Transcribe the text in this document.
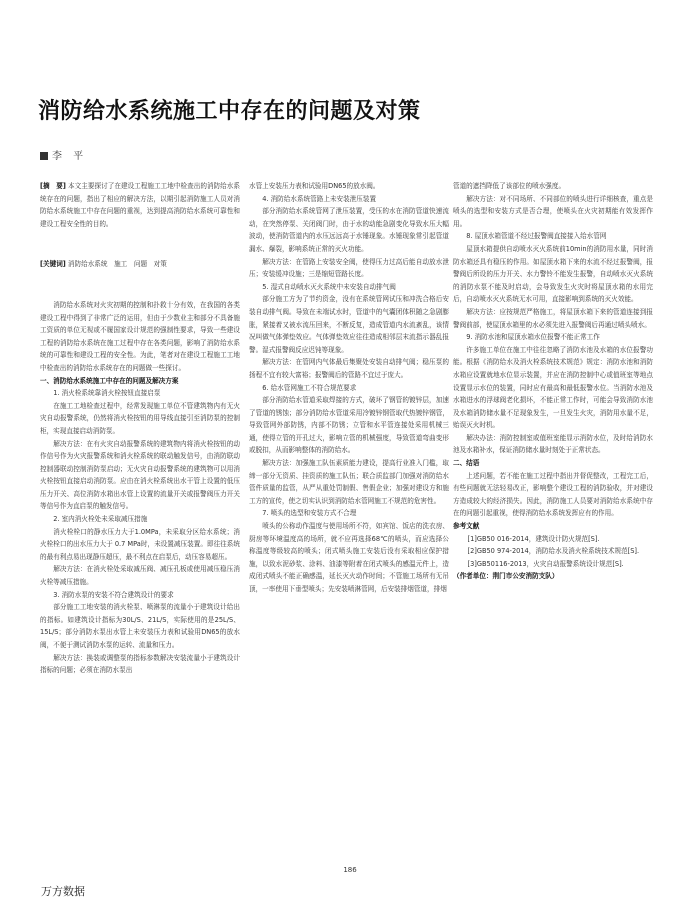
消防给水系统施工中存在的问题及对策
李 平
[摘　要] 本文主要探讨了在建设工程施工工地中检查出的消防给水系统存在的问题，指出了相应的解决方法，以期引起消防施工人员对消防给水系统施工中存在问题的重视，达到提高消防给水系统可靠性和建设工程安全性的目的。
[关键词] 消防给水系统　施工　问题　对策

消防给水系统对火灾初期的控制和扑救十分有效，在我国的各类建设工程中得到了非常广泛的运用，但由于少数业主和部分不具备施工资质的单位无视或不履国家设计规范的强制性要求，导致一些建设工程的消防给水系统在施工过程中存在各类问题，影响了消防给水系统的可靠性和建设工程的安全性。为此，笔者对在建设工程施工工地中检查出的消防给水系统存在的问题做一些探讨。

一、消防给水系统施工中存在的问题及解决方案

1. 消火栓系统靠消火栓按钮直接启泵

在施工工地检查过程中，经常发现施工单位不管建筑物内有无火灾自动报警系统，仍然将消火栓按钮的用导线直接引至消防泵的控制柜，实现直接启动消防泵。

解决方法：在有火灾自动报警系统的建筑物内将消火栓按钮的动作信号作为火灾报警系统和消火栓系统的联动触发信号，由消防联动控制器联动控制消防泵启动；无火灾自动报警系统的建筑物可以用消火栓按钮直接启动消防泵。应由在消火栓系统出水干管上设置的低压压力开关、高位消防水箱出水管上设置的流量开关或报警阀压力开关等信号作为直启泵的触发信号。

2. 室内消火栓处未采取减压措施

消火栓栓口的静水压力大于1.0MPa，未采取分区给水系统；消火栓栓口的出水压力大于 0.7 MPa时，未设置减压装置。即往往系统的最有利点易出现静压超压，最不利点在启泵后，动压容易超压。

解决方法：在消火栓处采取减压阀、减压孔板或使用减压稳压消火栓等减压措施。

3. 消防水泵的安装不符合建筑设计的要求

部分施工工地安装的消火栓泵、喷淋泵的流量小于建筑设计给出的指标。如建筑设计指标为30L/S、21L/S，实际使用的是25L/S、15L/S；部分消防水泵出水管上未安装压力表和试验用DN65的放水阀，不便于测试消防水泵的运转、流量和压力。

解决方法：换装或调整泵的指标参数解决安装流量小于建筑设计指标的问题；必须在消防水泵出

水管上安装压力表和试验用DN65的放水阀。

4. 消防给水系统管路上未安装泄压装置

部分消防给水系统管网了泄压装置，受压的水在消防管道快速流动，在突然停泵、关闭阀门时，由于水的动能急剧变化导致水压大幅波动，使消防管道内的水压远远高于水锤现象。水锤现象常引起管道漏水、爆裂，影响系统正常的灭火功能。

解决方法：在管路上安装安全阀，使得压力过高后能自动放水泄压；安装缓冲设施；三是缩短管路长度。

5. 湿式自动喷水灭火系统中未安装自动排气阀

部分施工方为了节约资金，没有在系统管网试压和冲洗合格后安装自动排气阀。导致在未端试水时，管道中的气囊团体积随之急剧膨胀，紧接着又被水流压回来，不断反复，造成管道内水流紊乱，该情况叫做气体弹垫效应。气体弹垫效应往往造成相邻层末流指示器乱报警。湿式报警阀反应迟钝等现象。

解决方法：在管网内气体最后集聚处安装自动排气阀；稳压泵的扬程不宜有较大富裕；报警阀后的管路不宜过于庞大。

6. 给水管网施工不符合规范要求

部分消防给水管道采取焊接的方式，破坏了钢管的镀锌层，加速了管道的锈蚀；部分消防给水管道采用冷镀锌钢管取代热镀锌钢管，导致管网外部防锈，内部不防锈；立管和水平管连接处采用机械三通，使得立管的开孔过大，影响立管的机械强度，导致管道弯曲变形或脱扣，从而影响整体的消防给水。

解决方法：加强施工队伍素质能力建设，提高行业准入门槛，取缔一部分无资质、挂资质的施工队伍；联合质监部门加强对消防给水管件质量的监管，从严从重处罚制假、售假企业；加强对建设方和施工方的宣传，使之切实认识到消防给水管网施工不规范的危害性。

7. 喷头的选型和安装方式不合理

喷头的公称动作温度与使用场所不符，如宾馆、饭店的洗衣房、厨房等环境温度高的场所，就不应再选择68℃的喷头，而应选择公称温度等级较高的喷头；闭式喷头施工安装后没有采取相应保护措施，以致水泥砂浆、涂料、油漆等附着在闭式喷头的感温元件上，造成闭式喷头不能正确感温，延长灭火动作时间；不管施工场所有无吊顶，一率使用下垂型喷头；先安装喷淋管网，后安装排烟管道，排烟

管道的遮挡降低了该部位的喷水强度。

解决方法：对不同场所、不同部位的喷头进行详细核查，重点是喷头的选型和安装方式是否合理，使喷头在火灾初期能有效发挥作用。

8. 屋顶水箱管道不经过报警阀直接接入给水管网

屋顶水箱提供自动喷水灭火系统前10min的消防用水量，同时消防水箱还具有稳压的作用。如屋顶水箱下来的水流不经过报警阀，报警阀后所设的压力开关、水力警铃不能发生报警，自动喷水灭火系统的消防水泵不能及时启动，会导致发生火灾时将屋顶水箱的水用完后，自动喷水灭火系统无水可用，直接影响到系统的灭火效能。

解决方法：应按规范严格施工，将屋顶水箱下来的管道连接到报警阀前部，使屋顶水箱里的水必须先进入报警阀后再通过喷头喷水。

9. 消防水池和屋顶水箱水位报警不能正常工作

许多施工单位在施工中往往忽略了消防水池及水箱的水位报警功能。根据《消防给水及消火栓系统技术规范》规定：消防水池和消防水箱应设置就地水位显示装置，并应在消防控制中心或值班室等地点设置显示水位的装置，同时应有最高和最低报警水位。当消防水池及水箱进水的浮球阀老化损坏，不能正常工作时，可能会导致消防水池及水箱消防储水量不足现象发生，一旦发生火灾，消防用水量不足，贻误灭火时机。

解决办法：消防控制室或值班室能显示消防水位，及时给消防水池及水箱补水，保证消防储水量时刻处于正常状态。

二、结语

上述问题，若不能在施工过程中指出并督促整改，工程完工后，有些问题就无法轻易改正，影响整个建设工程的消防验收，并对建设方造成较大的经济损失。因此，消防施工人员要对消防给水系统中存在的问题引起重视，使得消防给水系统发挥应有的作用。

参考文献

[1]GB50 016-2014，建筑设计防火规范[S].

[2]GB50 974-2014，消防给水及消火栓系统技术规范[S].

[3]GB50116-2013，火灾自动报警系统设计规范[S].

（作者单位：荆门市公安消防支队）

186
万方数据
